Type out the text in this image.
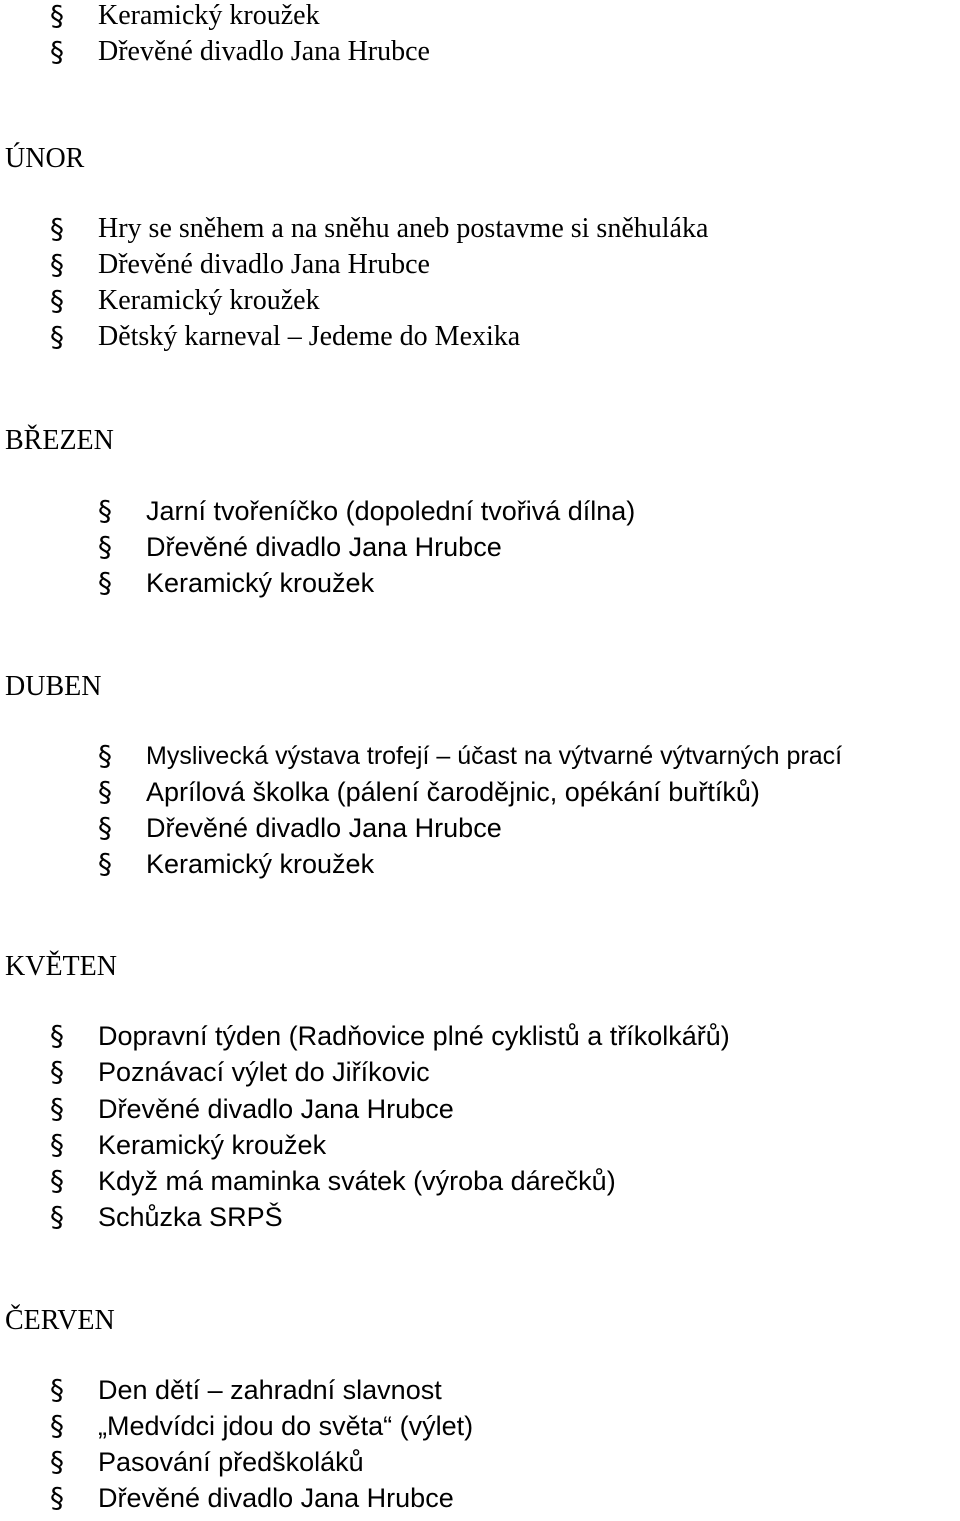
§ Keramický kroužek
§ Dřevěné divadlo Jana Hrubce
ÚNOR
§ Hry se sněhem a na sněhu aneb postavme si sněhuláka
§ Dřevěné divadlo Jana Hrubce
§ Keramický kroužek
§ Dětský karneval – Jedeme do Mexika
BŘEZEN
§ Jarní tvořeníčko (dopolední tvořivá dílna)
§ Dřevěné divadlo Jana Hrubce
§ Keramický kroužek
DUBEN
§ Myslivecká výstava trofejí – účast na výtvarné výtvarných prací
§ Aprílová školka (pálení čarodějnic, opékání buřtíků)
§ Dřevěné divadlo Jana Hrubce
§ Keramický kroužek
KVĚTEN
§ Dopravní týden (Radňovice plné cyklistů a tříkolkářů)
§ Poznávací výlet do Jiříkovic
§ Dřevěné divadlo Jana Hrubce
§ Keramický kroužek
§ Když má maminka svátek (výroba dárečků)
§ Schůzka SRPŠ
ČERVEN
§ Den dětí – zahradní slavnost
§ „Medvídci jdou do světa“ (výlet)
§ Pasování předškoláků
§ Dřevěné divadlo Jana Hrubce
